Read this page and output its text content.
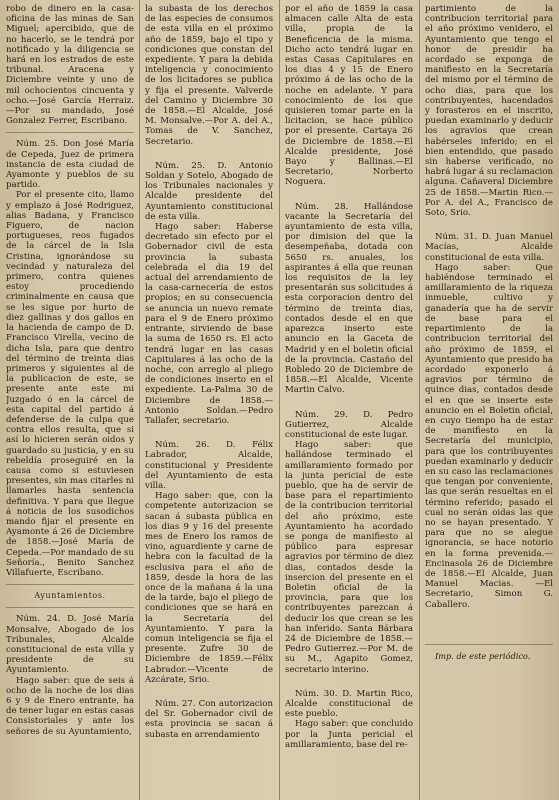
robo de dinero en la casa-oficina de las minas de San Miguel; apercibido, que de no hacerlo, se le tendrá por notificado y la diligencia se hará en los estrados de este tribunal. Aracena y Diciembre veinte y uno de mil ochocientos cincuenta y ocho.—José García Herraiz.—Por su mandado, José Gonzalez Ferrer, Escribano.

Núm. 25. Don José María de Cepeda, Juez de primera instancia de esta ciudad de Ayamonte y pueblos de su partido.

Por el presente cito, llamo y emplazo á José Rodriguez, alias Badana, y Francisco Figuero, de nacion portugueses, reos fugados de la cárcel de la Isla Cristina, ignorándose su vecindad y naturaleza del primero, contra quienes estoy procediendo criminalmente en causa que se les sigue por hurto de diez gallinas y dos gallos en la hacienda de campo de D. Francisco Virella, vecino de dicha Isla, para que dentro del término de treinta dias primeros y siguientes al de la publicacion de este, se presente ante este mi Juzgado ó en la cárcel de esta capital del partido á defenderse de la culpa que contra ellos resulta, que si así lo hicieren serán oidos y guardado su justicia, y en su rebeldía proseguiré en la causa como si estuviesen presentes, sin mas citarles ni llamarles hasta sentencia definitiva. Y para que llegue á noticia de los susodichos mando fijar el presente en Ayamonte á 26 de Diciembre de 1858.—José María de Cepeda.—Por mandado de su Señoría., Benito Sanchez Villafuerte, Escribano.

Ayuntamientos.

Núm. 24. D. José María Monsalve, Abogado de los Tribunales, Alcalde constitucional de esta villa y presidente de su Ayuntamiento.

Hago saber: que de seis á ocho de la noche de los dias 6 y 9 de Enero entrante, ha de tener lugar en estas casas Consistoriales y ante los señores de su Ayuntamiento,

la subasta de los derechos de las especies de consumos de esta villa en el próximo año de 1859, bajo el tipo y condiciones que constan del expediente. Y para la debida inteligencia y conocimiento de los licitadores se publica y fija el presente. Valverde del Camino y Diciembre 30 de 1858.—El Alcalde, José M. Monsalve.—Por A. del A., Tomas de V. Sanchez, Secretario.

Núm. 25. D. Antonio Soldan y Sotelo, Abogado de los Tribunales nacionales y Alcalde presidente del Ayuntamiento constitucional de esta villa.

Hago saber: Haberse decretado sin efecto por el Gobernador civil de esta provincia la subasta celebrada el dia 19 del actual del arrendamiento de la casa-carnecería de estos propios; en su consecuencia se anuncia un nuevo remate para el 9 de Enero próximo entrante, sirviendo de base la suma de 1650 rs. El acto tendrá lugar en las casas Capitulares á las ocho de la noche, con arreglo al pliego de condiciones inserto en el expediente. La-Palma 30 de Diciembre de 1858.—Antonio Soldan.—Pedro Tallafer, secretario.

Núm. 26. D. Félix Labrador, Alcalde, constitucional y Presidente del Ayuntamiento de esta villa.

Hago saber: que, con la competente autorizacion se sacan á subasta pública en los dias 9 y 16 del presente mes de Enero los ramos de vino, aguardiente y carne de hebra con la facultad de la esclusiva para el año de 1859, desde la hora de las once de la mañana á la una de la tarde, bajo el pliego de condiciones que se hará en la Secretaría del Ayuntamiento. Y para la comun inteligencia se fija el presente. Zufre 30 de Diciembre de 1859.—Félix Labrador.—Vicente de Azcárate, Srio.

Núm. 27. Con autorizacion del Sr. Gobernador civil de esta provincia se sacan á subasta en arrendamiento

por el año de 1859 la casa almacen calle Alta de esta villa, propia de la Beneficencia de la misma. Dicho acto tendrá lugar en estas Casas Capitulares en los dias 4 y 15 de Enero próximo á de las ocho de la noche en adelante. Y para conocimiento de los que quisieren tomar parte en la licitacion, se hace público por el presente. Cartaya 26 de Diciembre de 1858.—El Alcalde presidente, José Bayo y Ballinas.—El Secretario, Norberto Noguera.

Núm. 28. Hallándose vacante la Secretaría del ayuntamiento de esta villa, por dimision del que la desempeñaba, dotada con 5650 rs. anuales, los aspirantes á ella que reunan los requisitos de la ley presentarán sus solicitudes á esta corporacion dentro del término de treinta dias, contados desde el en que aparezca inserto este anuncio en la Gaceta de Madrid y en el boletin oficial de la provincia. Castaño del Robledo 20 de Diciembre de 1858.—El Alcalde, Vicente Martin Calvo.

Núm. 29. D. Pedro Gutierrez, Alcalde constitucional de este lugar.

Hago saber: que hallándose terminado el amillaramiento formado por la junta pericial de este pueblo, que ha de servir de base para el repartimiento de la contribucion territorial del año próximo, este Ayuntamiento ha acordado se ponga de manifiesto al público para espresar agravios por término de diez dias, contados desde la insercion del presente en el Boletin oficial de la provincia, para que los contribuyentes parezcan á deducir los que crean se les han inferido. Santa Bárbara 24 de Diciembre de 1858.—Pedro Gutierrez.—Por M. de su M., Agapito Gomez, secretario interino.

Núm. 30. D. Martin Rico, Alcalde constitucional de este pueblo.

Hago saber: que concluido por la Junta pericial el amillaramiento, base del re-

partimiento de la contribucion territorial para el año próximo venidero, el Ayuntamiento que tengo el honor de presidir ha acordado se exponga de manifiesto en la Secretaría del mismo por el término de ocho dias, para que los contribuyentes, hacendados y forasteros en el inscrito, puedan examinarlo y deducir los agravios que crean habérseles inferido; en el bien entendido, que pasado sin haberse verificado, no habrá lugar á su reclamacion alguna. Cañaveral Diciembre 25 de 1858.—Martin Rico.—Por A. del A., Francisco de Soto, Srio.

Núm. 31. D. Juan Manuel Macías, Alcalde constitucional de esta villa.

Hago saber: Que habiéndose terminado el amillaramiento de la riqueza inmueble, cultivo y ganadería que ha de servir de base para el repartimiento de la contribucion territorial del año próximo de 1859, el Ayuntamiento que presido ha acordado exponerlo á agravios por término de quince dias, contados desde el en que se inserte este anuncio en el Boletin oficial, en cuyo tiempo ha de estar de manifiesto en la Secretaría del municipio, para que los contribuyentes puedan examinarlo y deducir en su caso las reclamaciones que tengan por conveniente, las que serán resueltas en el término referido; pasado el cual no serán oidas las que no se hayan presentado. Y para que no se alegue ignorancia, se hace notorio en la forma prevenida.—Encinasola 26 de Diciembre de 1858.—El Alcalde, Juan Manuel Macias. —El Secretario, Simon G. Caballero.

Imp. de este periódico.
